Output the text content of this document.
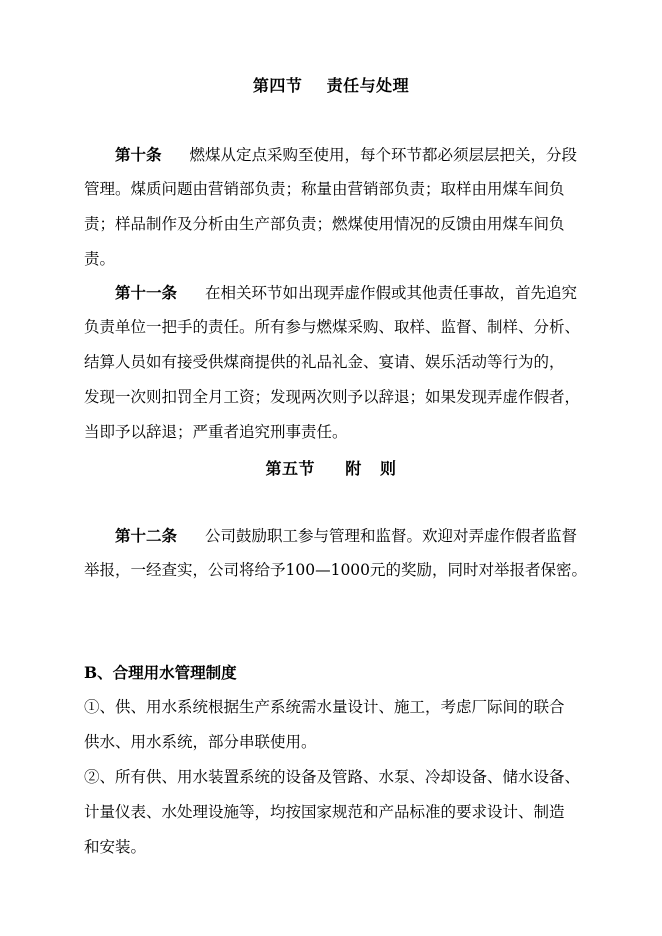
第四节    责任与处理
第十条 燃煤从定点采购至使用，每个环节都必须层层把关，分段
管理。煤质问题由营销部负责；称量由营销部负责；取样由用煤车间负
责；样品制作及分析由生产部负责；燃煤使用情况的反馈由用煤车间负
责。
第十一条 在相关环节如出现弄虚作假或其他责任事故，首先追究
负责单位一把手的责任。所有参与燃煤采购、取样、监督、制样、分析、
结算人员如有接受供煤商提供的礼品礼金、宴请、娱乐活动等行为的，
发现一次则扣罚全月工资；发现两次则予以辞退；如果发现弄虚作假者，
当即予以辞退；严重者追究刑事责任。
第五节     附   则
第十二条 公司鼓励职工参与管理和监督。欢迎对弄虚作假者监督
举报，一经查实，公司将给予100—1000元的奖励，同时对举报者保密。
B、合理用水管理制度
①、供、用水系统根据生产系统需水量设计、施工，考虑厂际间的联合
供水、用水系统，部分串联使用。
②、所有供、用水装置系统的设备及管路、水泵、冷却设备、储水设备、
计量仪表、水处理设施等，均按国家规范和产品标准的要求设计、制造
和安装。
